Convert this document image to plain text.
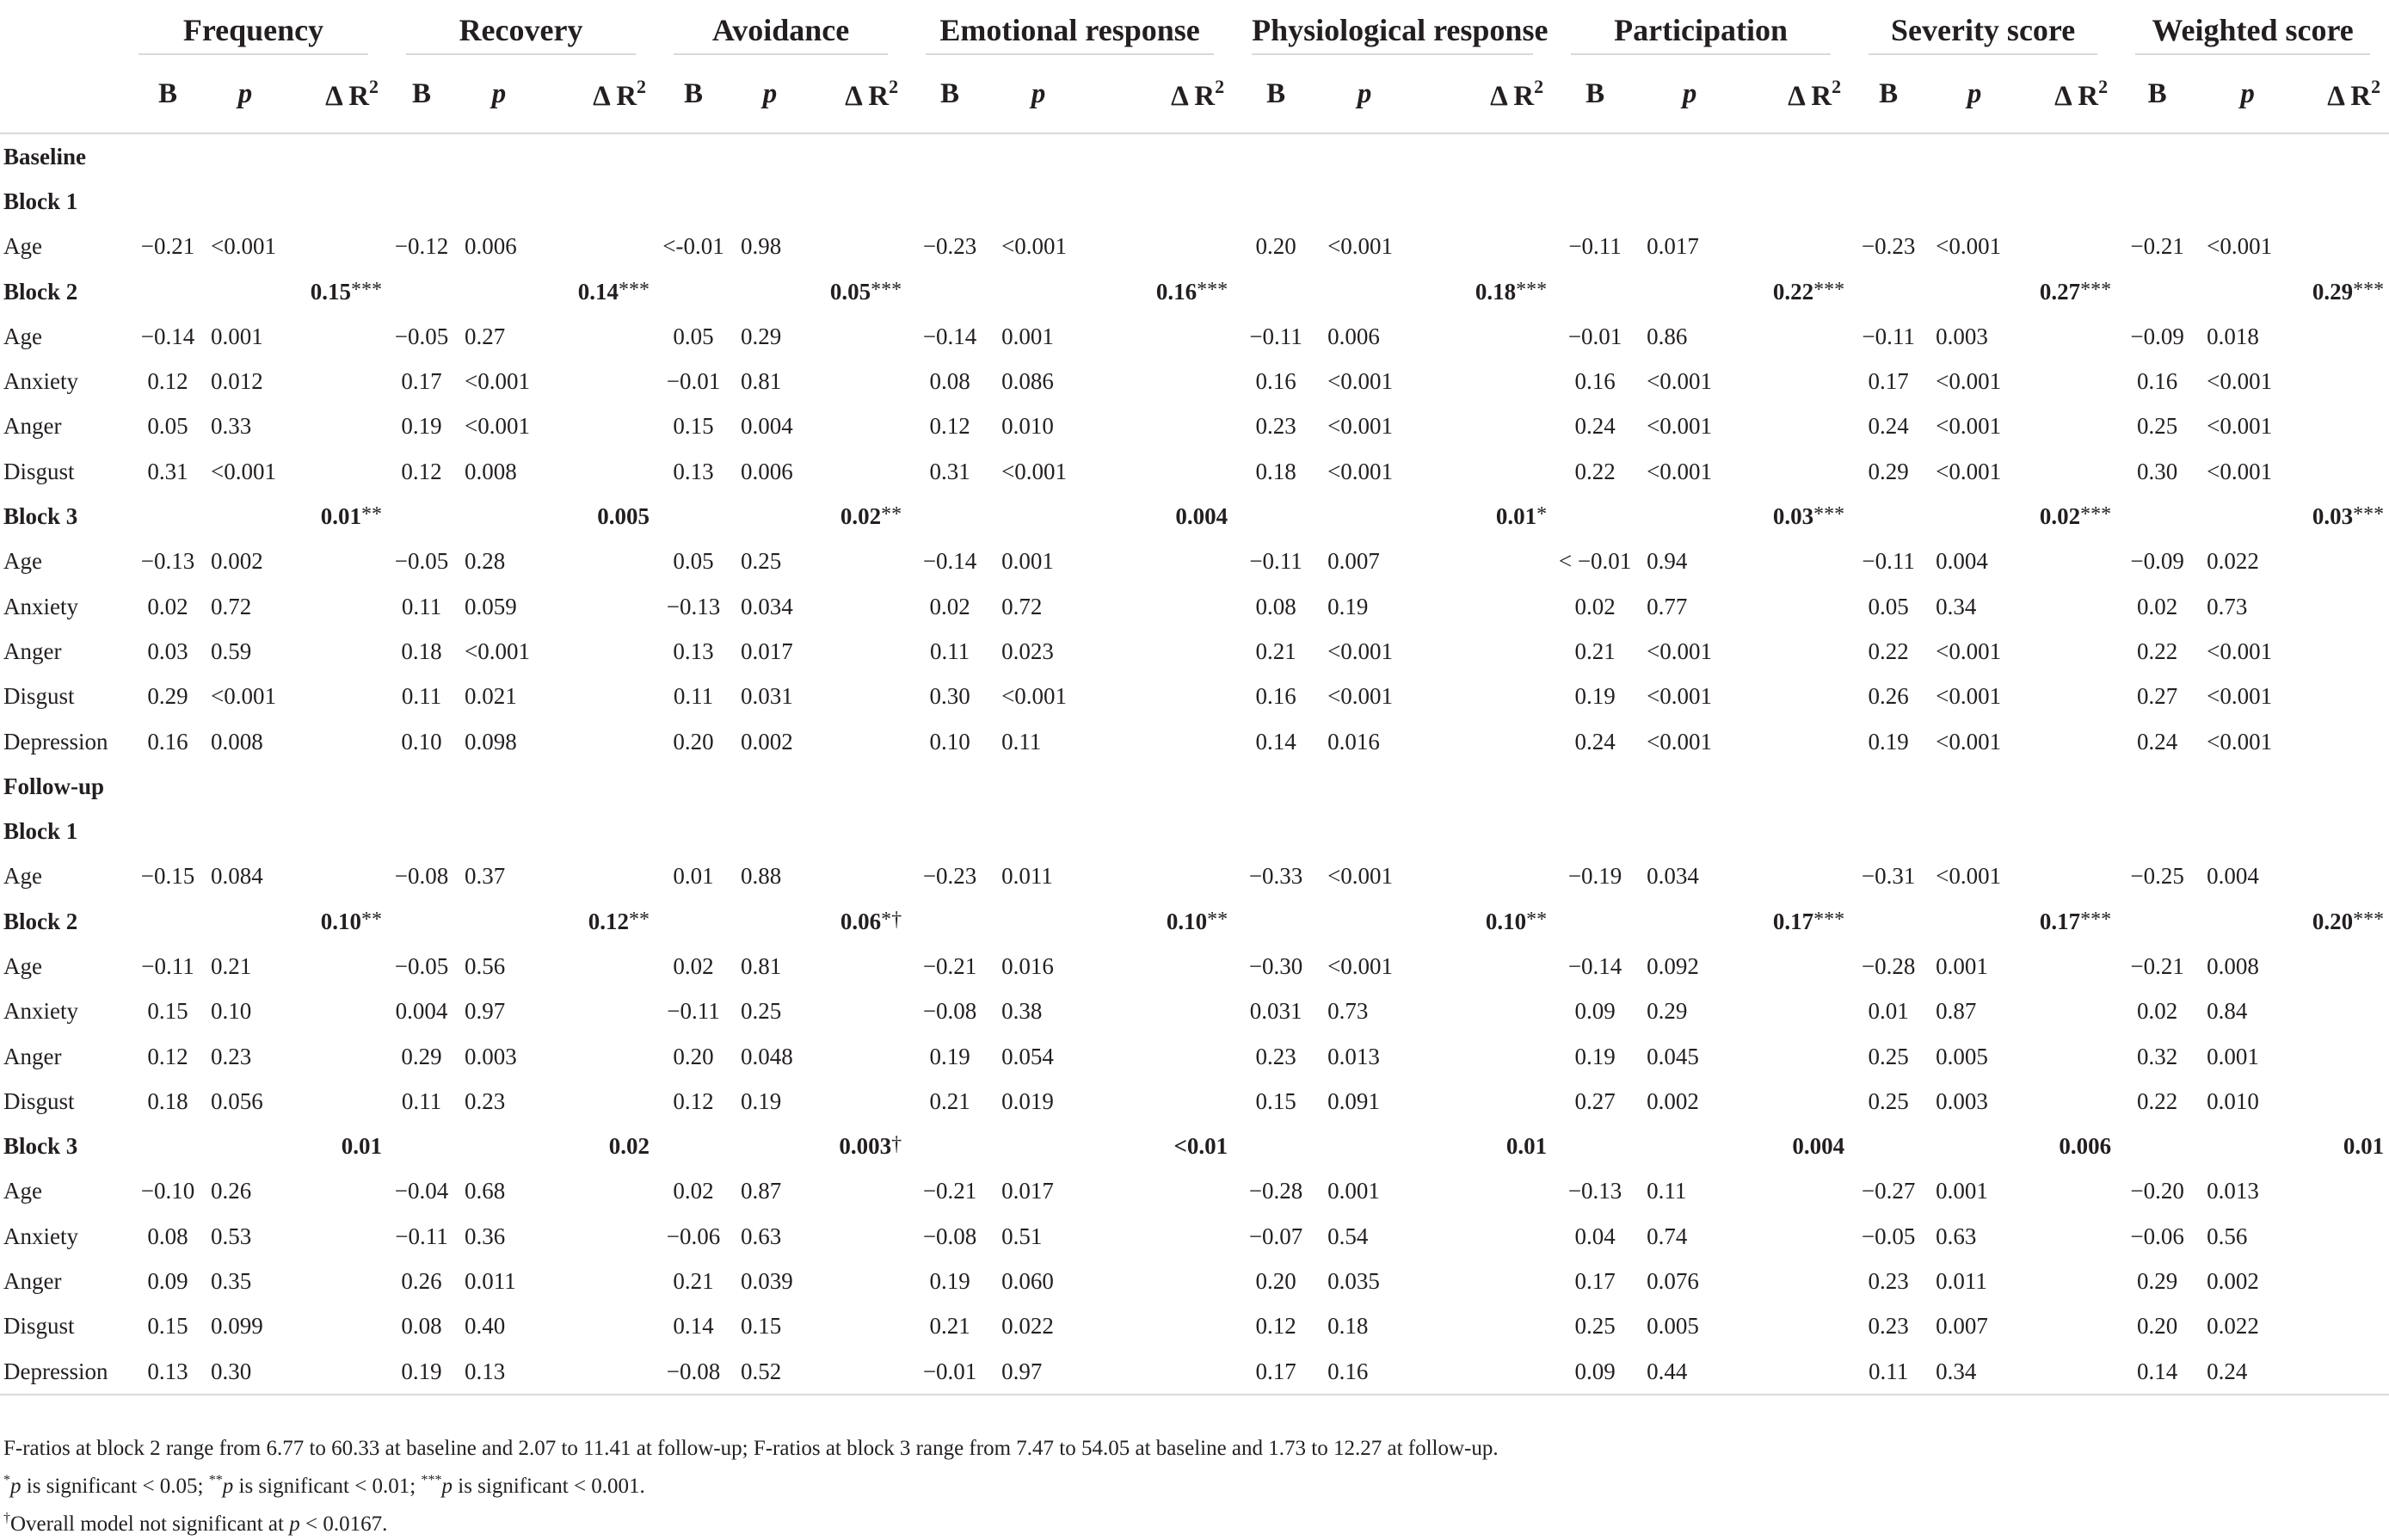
	Frequency			Recovery			Avoidance			Emotional response			Physiological response			Participation			Severity score			Weighted score		

	B	p	Δ $R^2$	B	p	Δ $R^2$	B	p	Δ $R^2$	B	p	Δ $R^2$	B	p	Δ $R^2$	B	p	Δ $R^2$	B	p	Δ $R^2$	B	p	Δ $R^2$
Baseline																								
Block 1																								
Age	−0.21	<0.001		−0.12	0.006		<-0.01	0.98		−0.23	<0.001		0.20	<0.001		−0.11	0.017		−0.23	<0.001		−0.21	<0.001	
Block 2			0.15***			0.14***			0.05***			0.16***			0.18***			0.22***			0.27***			0.29***
Age	−0.14	0.001		−0.05	0.27		0.05	0.29		−0.14	0.001		−0.11	0.006		−0.01	0.86		−0.11	0.003		−0.09	0.018	
Anxiety	0.12	0.012		0.17	<0.001		−0.01	0.81		0.08	0.086		0.16	<0.001		0.16	<0.001		0.17	<0.001		0.16	<0.001	
Anger	0.05	0.33		0.19	<0.001		0.15	0.004		0.12	0.010		0.23	<0.001		0.24	<0.001		0.24	<0.001		0.25	<0.001	
Disgust	0.31	<0.001		0.12	0.008		0.13	0.006		0.31	<0.001		0.18	<0.001		0.22	<0.001		0.29	<0.001		0.30	<0.001	
Block 3			0.01**			0.005			0.02**			0.004			0.01*			0.03***			0.02***			0.03***
Age	−0.13	0.002		−0.05	0.28		0.05	0.25		−0.14	0.001		−0.11	0.007		< −0.01	0.94		−0.11	0.004		−0.09	0.022	
Anxiety	0.02	0.72		0.11	0.059		−0.13	0.034		0.02	0.72		0.08	0.19		0.02	0.77		0.05	0.34		0.02	0.73	
Anger	0.03	0.59		0.18	<0.001		0.13	0.017		0.11	0.023		0.21	<0.001		0.21	<0.001		0.22	<0.001		0.22	<0.001	
Disgust	0.29	<0.001		0.11	0.021		0.11	0.031		0.30	<0.001		0.16	<0.001		0.19	<0.001		0.26	<0.001		0.27	<0.001	
Depression	0.16	0.008		0.10	0.098		0.20	0.002		0.10	0.11		0.14	0.016		0.24	<0.001		0.19	<0.001		0.24	<0.001	
Follow-up																								
Block 1																								
Age	−0.15	0.084		−0.08	0.37		0.01	0.88		−0.23	0.011		−0.33	<0.001		−0.19	0.034		−0.31	<0.001		−0.25	0.004	
Block 2			0.10**			0.12**			0.06*†			0.10**			0.10**			0.17***			0.17***			0.20***
Age	−0.11	0.21		−0.05	0.56		0.02	0.81		−0.21	0.016		−0.30	<0.001		−0.14	0.092		−0.28	0.001		−0.21	0.008	
Anxiety	0.15	0.10		0.004	0.97		−0.11	0.25		−0.08	0.38		0.031	0.73		0.09	0.29		0.01	0.87		0.02	0.84	
Anger	0.12	0.23		0.29	0.003		0.20	0.048		0.19	0.054		0.23	0.013		0.19	0.045		0.25	0.005		0.32	0.001	
Disgust	0.18	0.056		0.11	0.23		0.12	0.19		0.21	0.019		0.15	0.091		0.27	0.002		0.25	0.003		0.22	0.010	
Block 3			0.01			0.02			0.003†			<0.01			0.01			0.004			0.006			0.01
Age	−0.10	0.26		−0.04	0.68		0.02	0.87		−0.21	0.017		−0.28	0.001		−0.13	0.11		−0.27	0.001		−0.20	0.013	
Anxiety	0.08	0.53		−0.11	0.36		−0.06	0.63		−0.08	0.51		−0.07	0.54		0.04	0.74		−0.05	0.63		−0.06	0.56	
Anger	0.09	0.35		0.26	0.011		0.21	0.039		0.19	0.060		0.20	0.035		0.17	0.076		0.23	0.011		0.29	0.002	
Disgust	0.15	0.099		0.08	0.40		0.14	0.15		0.21	0.022		0.12	0.18		0.25	0.005		0.23	0.007		0.20	0.022	
Depression	0.13	0.30		0.19	0.13		−0.08	0.52		−0.01	0.97		0.17	0.16		0.09	0.44		0.11	0.34		0.14	0.24	
F-ratios at block 2 range from 6.77 to 60.33 at baseline and 2.07 to 11.41 at follow-up; F-ratios at block 3 range from 7.47 to 54.05 at baseline and 1.73 to 12.27 at follow-up.
*p is significant < 0.05; **p is significant < 0.01; ***p is significant < 0.001.
†Overall model not significant at p < 0.0167.
